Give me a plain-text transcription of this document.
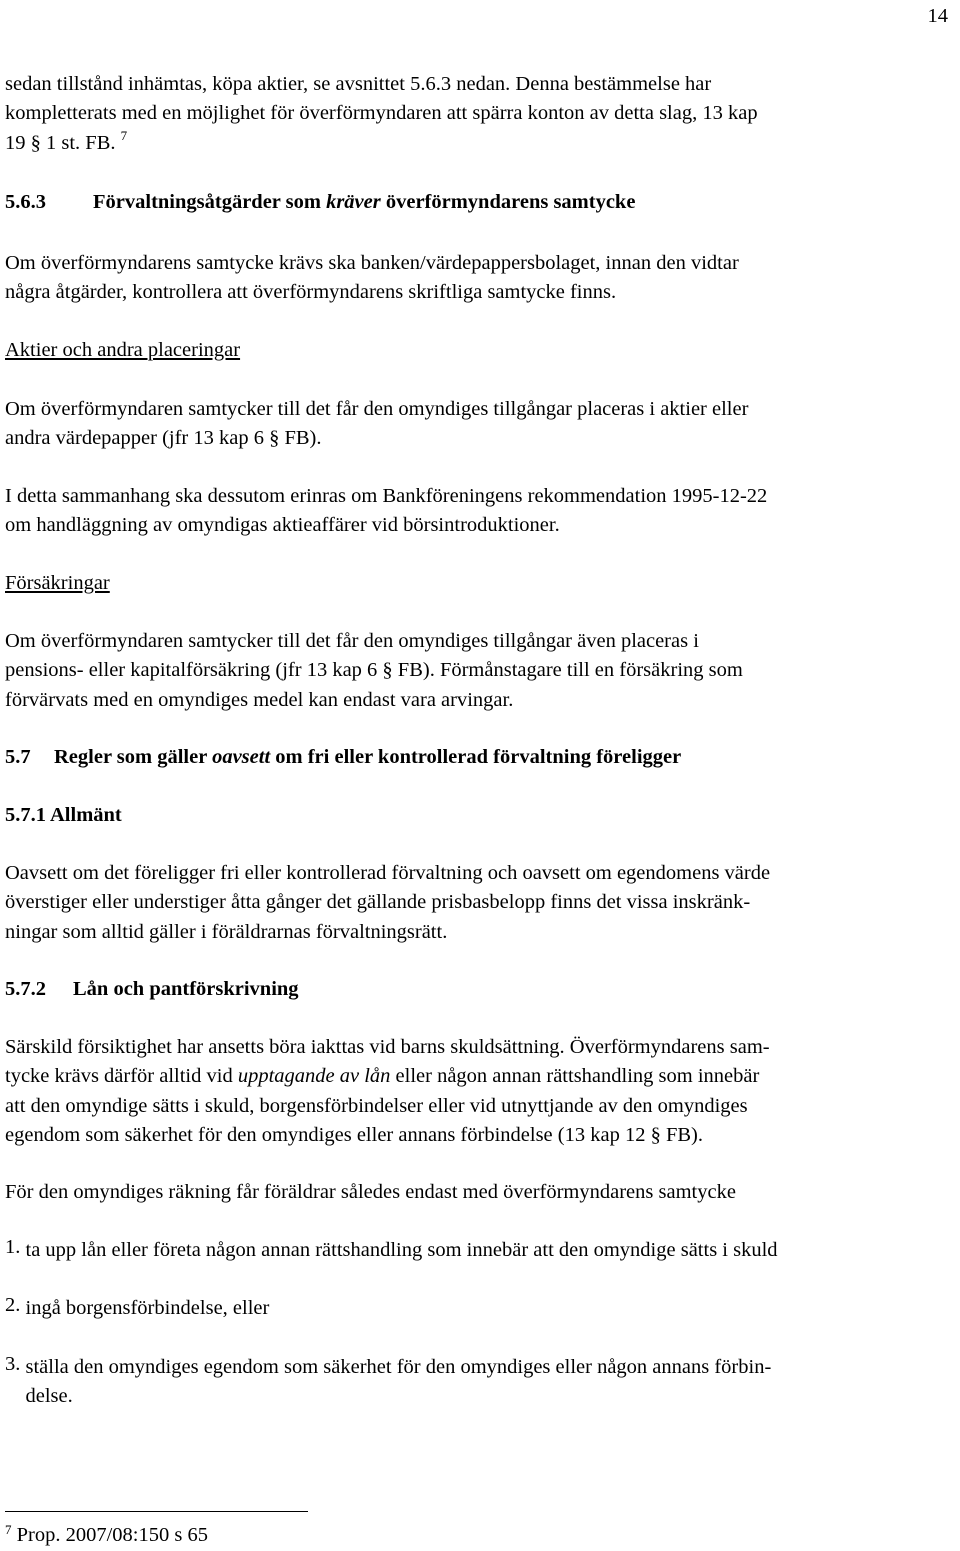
14

sedan tillstånd inhämtas, köpa aktier, se avsnittet 5.6.3 nedan. Denna bestämmelse har

kompletterats med en möjlighet för överförmyndaren att spärra konton av detta slag, 13 kap

19 § 1 st. FB. $^7$

5.6.3 Förvaltningsåtgärder som kräver överförmyndarens samtycke

Om överförmyndarens samtycke krävs ska banken/värdepappersbolaget, innan den vidtar

några åtgärder, kontrollera att överförmyndarens skriftliga samtycke finns.

Aktier och andra placeringar

Om överförmyndaren samtycker till det får den omyndiges tillgångar placeras i aktier eller

andra värdepapper (jfr 13 kap 6 § FB).

I detta sammanhang ska dessutom erinras om Bankföreningens rekommendation 1995-12-22

om handläggning av omyndigas aktieaffärer vid börsintroduktioner.

Försäkringar

Om överförmyndaren samtycker till det får den omyndiges tillgångar även placeras i

pensions- eller kapitalförsäkring (jfr 13 kap 6 § FB). Förmånstagare till en försäkring som

förvärvats med en omyndiges medel kan endast vara arvingar.

5.7 Regler som gäller oavsett om fri eller kontrollerad förvaltning föreligger

5.7.1 Allmänt

Oavsett om det föreligger fri eller kontrollerad förvaltning och oavsett om egendomens värde

överstiger eller understiger åtta gånger det gällande prisbasbelopp finns det vissa inskränk-

ningar som alltid gäller i föräldrarnas förvaltningsrätt.

5.7.2 Lån och pantförskrivning

Särskild försiktighet har ansetts böra iakttas vid barns skuldsättning. Överförmyndarens sam-

tycke krävs därför alltid vid upptagande av lån eller någon annan rättshandling som innebär

att den omyndige sätts i skuld, borgensförbindelser eller vid utnyttjande av den omyndiges

egendom som säkerhet för den omyndiges eller annans förbindelse (13 kap 12 § FB).

För den omyndiges räkning får föräldrar således endast med överförmyndarens samtycke

1. ta upp lån eller företa någon annan rättshandling som innebär att den omyndige sätts i skuld

2. ingå borgensförbindelse, eller

3. ställa den omyndiges egendom som säkerhet för den omyndiges eller någon annans förbin-

delse.

$^7$ Prop. 2007/08:150 s 65
